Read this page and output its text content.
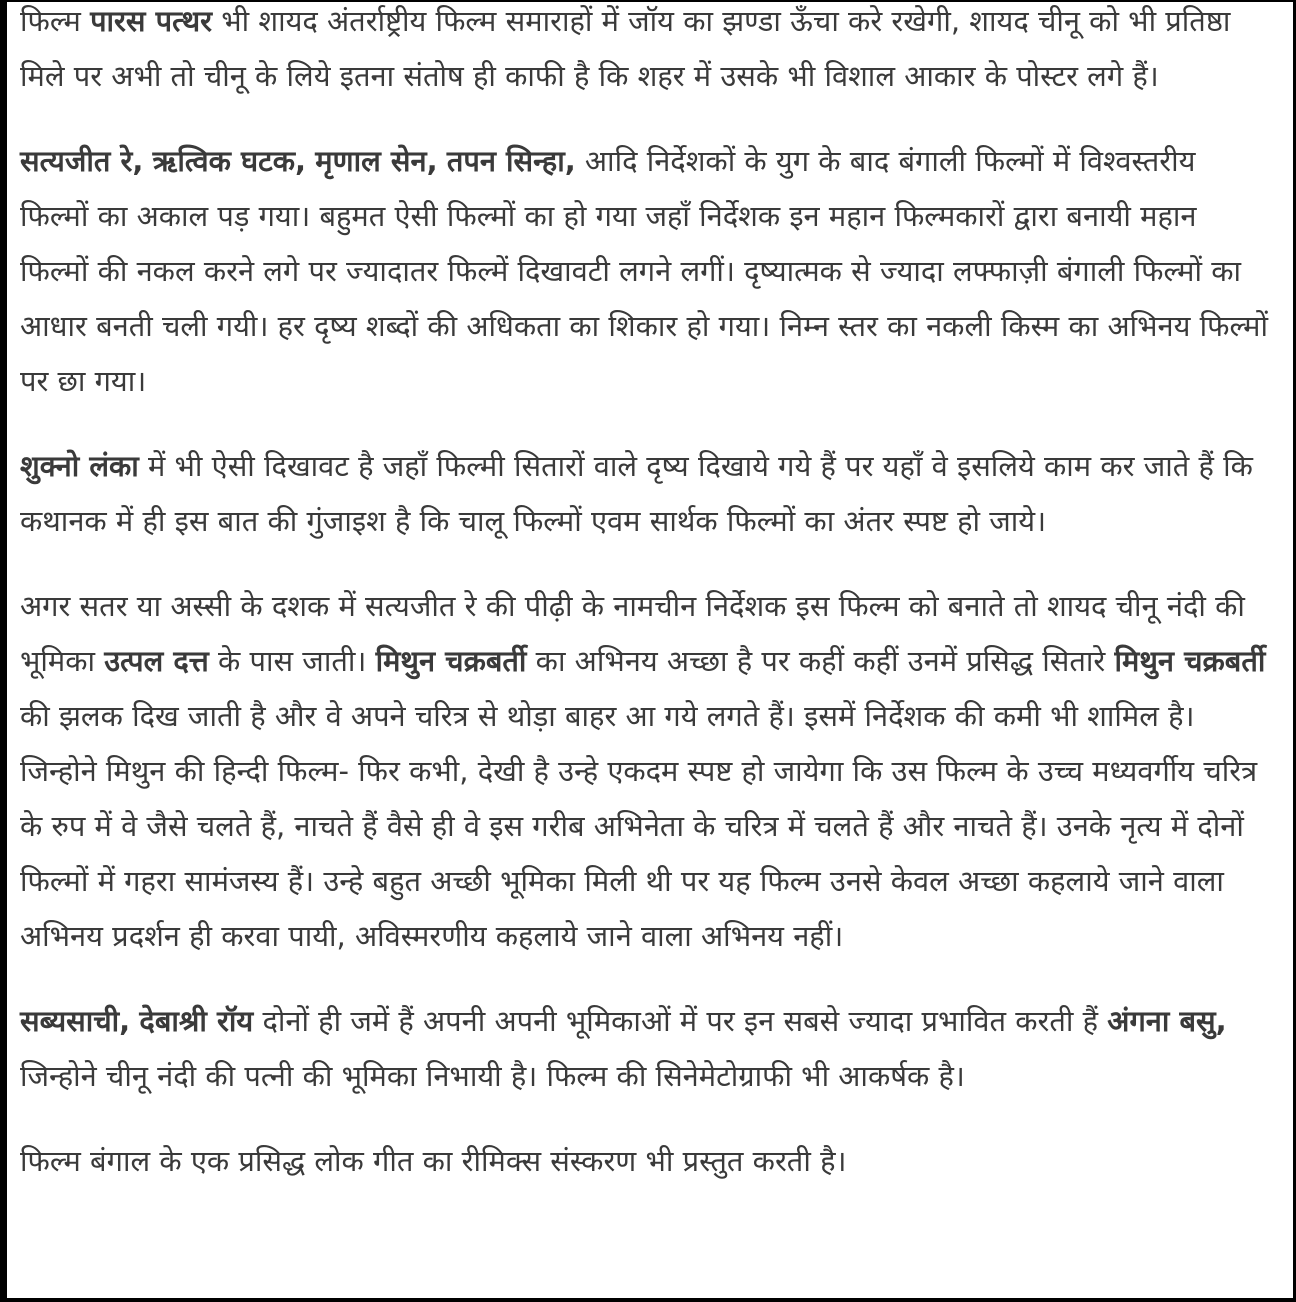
फिल्म पारस पत्थर भी शायद अंतर्राष्ट्रीय फिल्म समाराहों में जॉय का झण्डा ऊँचा करे रखेगी, शायद चीनू को भी प्रतिष्ठा मिले पर अभी तो चीनू के लिये इतना संतोष ही काफी है कि शहर में उसके भी विशाल आकार के पोस्टर लगे हैं।

सत्यजीत रे, ऋत्विक घटक, मृणाल सेन, तपन सिन्हा, आदि निर्देशकों के युग के बाद बंगाली फिल्मों में विश्वस्तरीय फिल्मों का अकाल पड़ गया। बहुमत ऐसी फिल्मों का हो गया जहाँ निर्देशक इन महान फिल्मकारों द्वारा बनायी महान फिल्मों की नकल करने लगे पर ज्यादातर फिल्में दिखावटी लगने लगीं। दृष्यात्मक से ज्यादा लफ्फाज़ी बंगाली फिल्मों का आधार बनती चली गयी। हर दृष्य शब्दों की अधिकता का शिकार हो गया। निम्न स्तर का नकली किस्म का अभिनय फिल्मों पर छा गया।

शुक्नो लंका में भी ऐसी दिखावट है जहाँ फिल्मी सितारों वाले दृष्य दिखाये गये हैं पर यहाँ वे इसलिये काम कर जाते हैं कि कथानक में ही इस बात की गुंजाइश है कि चालू फिल्मों एवम सार्थक फिल्मों का अंतर स्पष्ट हो जाये।

अगर सतर या अस्सी के दशक में सत्यजीत रे की पीढ़ी के नामचीन निर्देशक इस फिल्म को बनाते तो शायद चीनू नंदी की भूमिका उत्पल दत्त के पास जाती। मिथुन चक्रबर्ती का अभिनय अच्छा है पर कहीं कहीं उनमें प्रसिद्ध सितारे मिथुन चक्रबर्ती की झलक दिख जाती है और वे अपने चरित्र से थोड़ा बाहर आ गये लगते हैं। इसमें निर्देशक की कमी भी शामिल है। जिन्होने मिथुन की हिन्दी फिल्म- फिर कभी, देखी है उन्हे एकदम स्पष्ट हो जायेगा कि उस फिल्म के उच्च मध्यवर्गीय चरित्र के रुप में वे जैसे चलते हैं, नाचते हैं वैसे ही वे इस गरीब अभिनेता के चरित्र में चलते हैं और नाचते हैं। उनके नृत्य में दोनों फिल्मों में गहरा सामंजस्य हैं। उन्हे बहुत अच्छी भूमिका मिली थी पर यह फिल्म उनसे केवल अच्छा कहलाये जाने वाला अभिनय प्रदर्शन ही करवा पायी, अविस्मरणीय कहलाये जाने वाला अभिनय नहीं।

सब्यसाची, देबाश्री रॉय दोनों ही जमें हैं अपनी अपनी भूमिकाओं में पर इन सबसे ज्यादा प्रभावित करती हैं अंगना बसु, जिन्होने चीनू नंदी की पत्नी की भूमिका निभायी है। फिल्म की सिनेमेटोग्राफी भी आकर्षक है।

फिल्म बंगाल के एक प्रसिद्ध लोक गीत का रीमिक्स संस्करण भी प्रस्तुत करती है।
